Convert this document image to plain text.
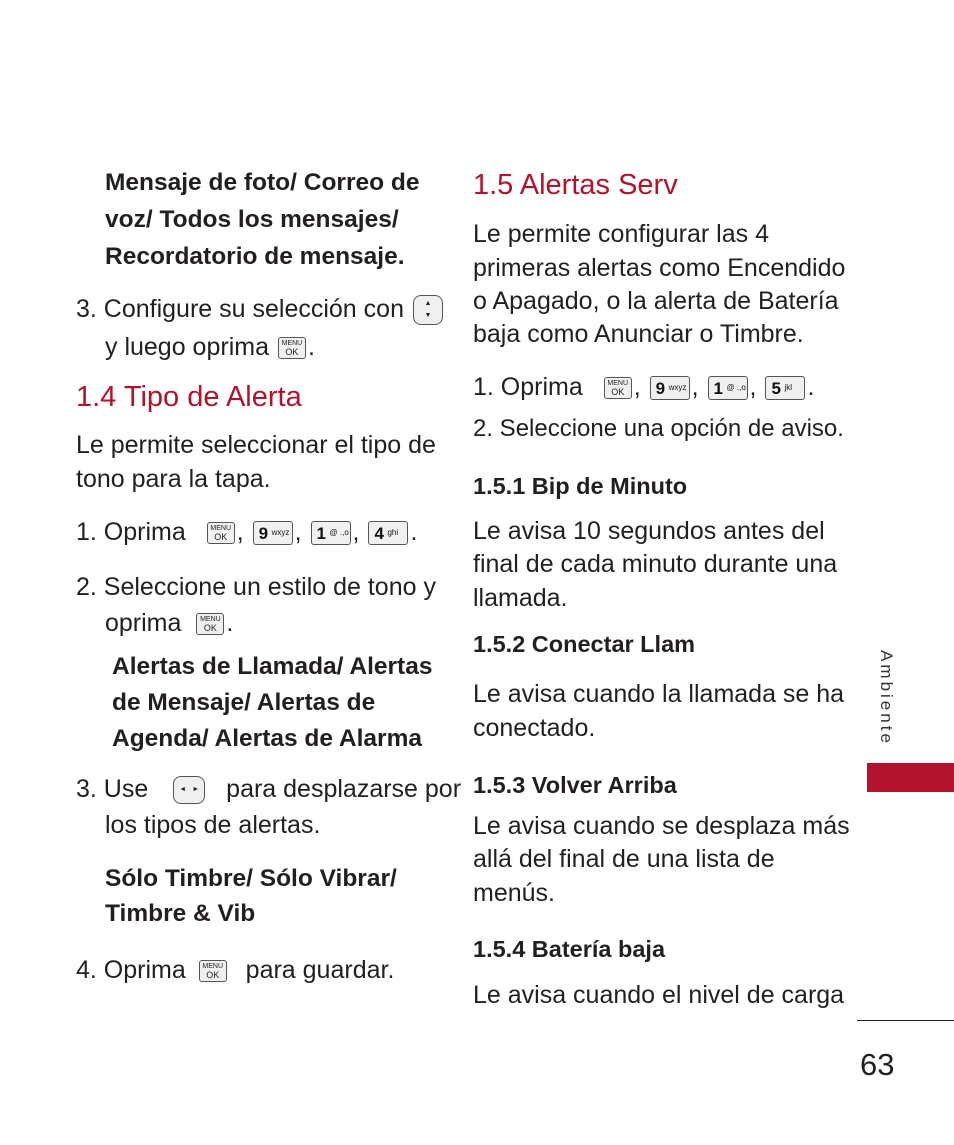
Mensaje de foto/ Correo de
voz/ Todos los mensajes/
Recordatorio de mensaje.
3. Configure su selección con	▲
▼
y luego oprima	MENU
OK .
1.4 Tipo de Alerta
Le permite seleccionar el tipo de
tono para la tapa.
1. Oprima	MENU
OK , 9 wxyz , 1 @ .,o , 4 ghi .
2. Seleccione un estilo de tono y
oprima	MENU
OK .
Alertas de Llamada/ Alertas
de Mensaje/ Alertas de
Agenda/ Alertas de Alarma
3. Use	◄ ► para desplazarse por
los tipos de alertas.
Sólo Timbre/ Sólo Vibrar/
Timbre & Vib
4. Oprima	MENU
OK para guardar.
1.5 Alertas Serv
Le permite configurar las 4
primeras alertas como Encendido
o Apagado, o la alerta de Batería
baja como Anunciar o Timbre.
1. Oprima	MENU
OK , 9 wxyz , 1 @ .,o , 5 jkl .
2. Seleccione una opción de aviso.
1.5.1 Bip de Minuto
Le avisa 10 segundos antes del
final de cada minuto durante una
llamada.
1.5.2 Conectar Llam
Le avisa cuando la llamada se ha
conectado.
1.5.3 Volver Arriba
Le avisa cuando se desplaza más
allá del final de una lista de
menús.
1.5.4 Batería baja
Le avisa cuando el nivel de carga
Ambiente
63
